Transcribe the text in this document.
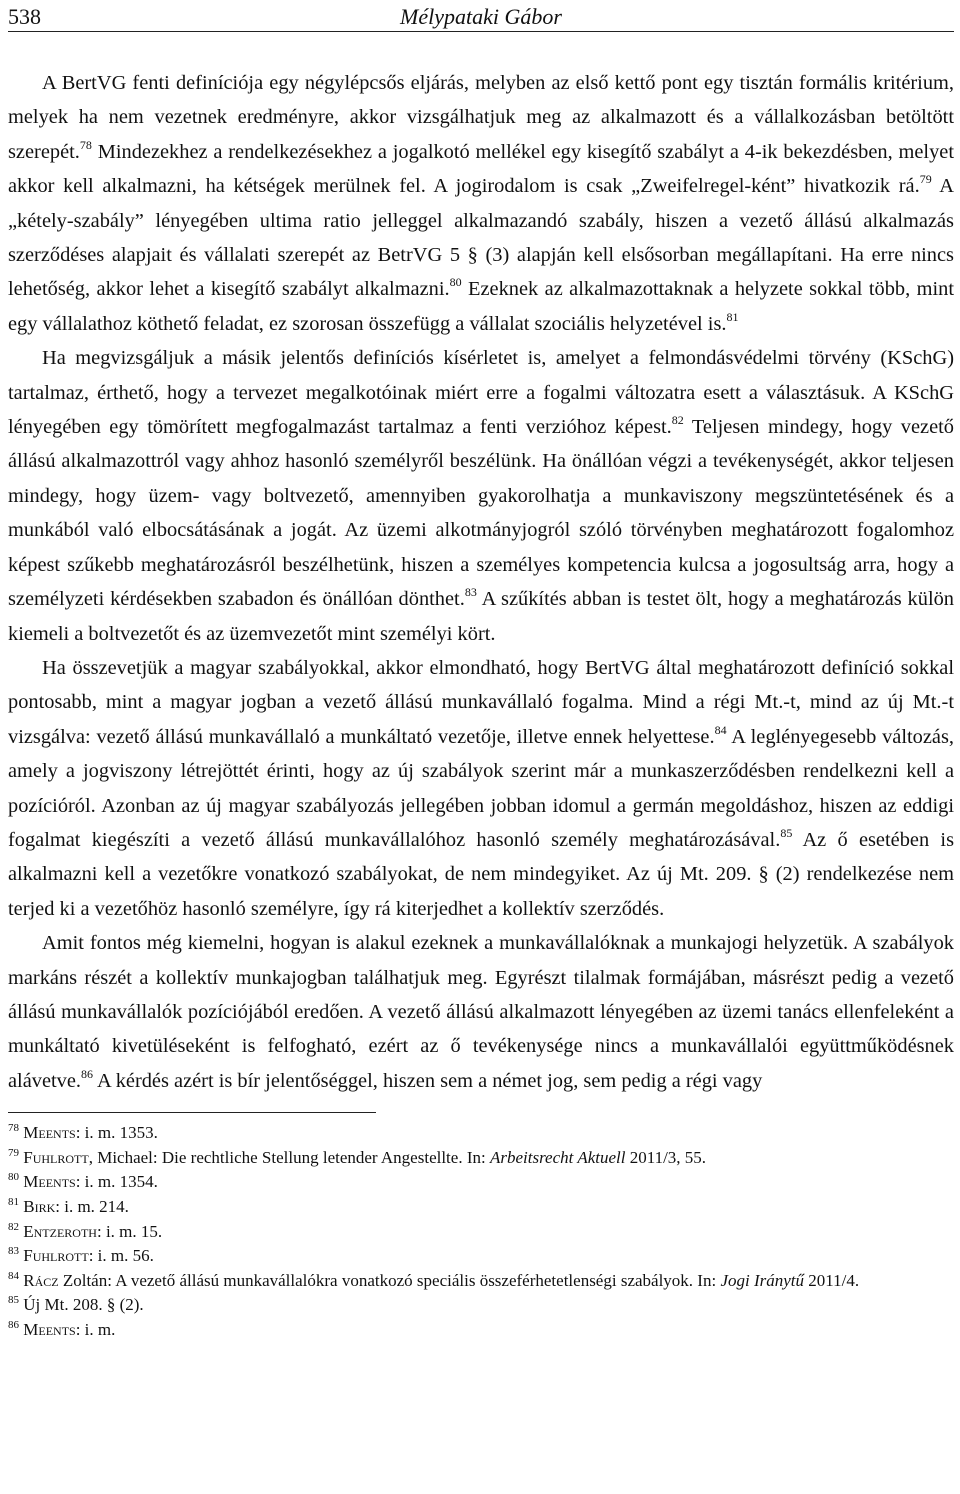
538	Mélypataki Gábor

A BertVG fenti definíciója egy négylépcsős eljárás, melyben az első kettő pont egy tisztán formális kritérium, melyek ha nem vezetnek eredményre, akkor vizsgálhatjuk meg az alkalmazott és a vállalkozásban betöltött szerepét.$^{78}$ Mindezekhez a rendelkezésekhez a jogalkotó mellékel egy kisegítő szabályt a 4-ik bekezdésben, melyet akkor kell alkalmazni, ha kétségek merülnek fel. A jogirodalom is csak „Zweifelregel-ként” hivatkozik rá.$^{79}$ A „kétely-szabály” lényegében ultima ratio jelleggel alkalmazandó szabály, hiszen a vezető állású alkalmazás szerződéses alapjait és vállalati szerepét az BetrVG 5 § (3) alapján kell elsősorban megállapítani. Ha erre nincs lehetőség, akkor lehet a kisegítő szabályt alkalmazni.$^{80}$ Ezeknek az alkalmazottaknak a helyzete sokkal több, mint egy vállalathoz köthető feladat, ez szorosan összefügg a vállalat szociális helyzetével is.$^{81}$

Ha megvizsgáljuk a másik jelentős definíciós kísérletet is, amelyet a felmondásvédelmi törvény (KSchG) tartalmaz, érthető, hogy a tervezet megalkotóinak miért erre a fogalmi változatra esett a választásuk. A KSchG lényegében egy tömörített megfogalmazást tartalmaz a fenti verzióhoz képest.$^{82}$ Teljesen mindegy, hogy vezető állású alkalmazottról vagy ahhoz hasonló személyről beszélünk. Ha önállóan végzi a tevékenységét, akkor teljesen mindegy, hogy üzem- vagy boltvezető, amennyiben gyakorolhatja a munkaviszony megszüntetésének és a munkából való elbocsátásának a jogát. Az üzemi alkotmányjogról szóló törvényben meghatározott fogalomhoz képest szűkebb meghatározásról beszélhetünk, hiszen a személyes kompetencia kulcsa a jogosultság arra, hogy a személyzeti kérdésekben szabadon és önállóan dönthet.$^{83}$ A szűkítés abban is testet ölt, hogy a meghatározás külön kiemeli a boltvezetőt és az üzemvezetőt mint személyi kört.

Ha összevetjük a magyar szabályokkal, akkor elmondható, hogy BertVG által meghatározott definíció sokkal pontosabb, mint a magyar jogban a vezető állású munkavállaló fogalma. Mind a régi Mt.-t, mind az új Mt.-t vizsgálva: vezető állású munkavállaló a munkáltató vezetője, illetve ennek helyettese.$^{84}$ A leglényegesebb változás, amely a jogviszony létrejöttét érinti, hogy az új szabályok szerint már a munkaszerződésben rendelkezni kell a pozícióról. Azonban az új magyar szabályozás jellegében jobban idomul a germán megoldáshoz, hiszen az eddigi fogalmat kiegészíti a vezető állású munkavállalóhoz hasonló személy meghatározásával.$^{85}$ Az ő esetében is alkalmazni kell a vezetőkre vonatkozó szabályokat, de nem mindegyiket. Az új Mt. 209. § (2) rendelkezése nem terjed ki a vezetőhöz hasonló személyre, így rá kiterjedhet a kollektív szerződés.

Amit fontos még kiemelni, hogyan is alakul ezeknek a munkavállalóknak a munkajogi helyzetük. A szabályok markáns részét a kollektív munkajogban találhatjuk meg. Egyrészt tilalmak formájában, másrészt pedig a vezető állású munkavállalók pozíciójából eredően. A vezető állású alkalmazott lényegében az üzemi tanács ellenfeleként a munkáltató kivetüléseként is felfogható, ezért az ő tevékenysége nincs a munkavállalói együttműködésnek alávetve.$^{86}$ A kérdés azért is bír jelentőséggel, hiszen sem a német jog, sem pedig a régi vagy

$^{78}$ Meents: i. m. 1353.
$^{79}$ Fuhlrott, Michael: Die rechtliche Stellung letender Angestellte. In: Arbeitsrecht Aktuell 2011/3, 55.
$^{80}$ Meents: i. m. 1354.
$^{81}$ Birk: i. m. 214.
$^{82}$ Entzeroth: i. m. 15.
$^{83}$ Fuhlrott: i. m. 56.
$^{84}$ Rácz Zoltán: A vezető állású munkavállalókra vonatkozó speciális összeférhetetlenségi szabályok. In: Jogi Iránytű 2011/4.
$^{85}$ Új Mt. 208. § (2).
$^{86}$ Meents: i. m.
